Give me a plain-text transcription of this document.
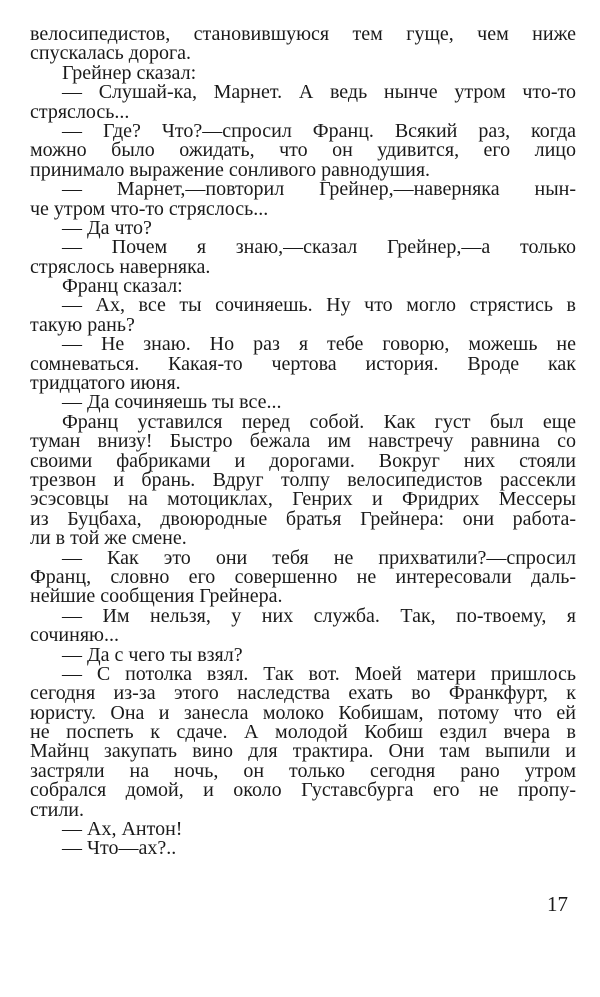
велосипедистов, становившуюся тем гуще, чем ниже
спускалась дорога.
Грейнер сказал:
— Слушай-ка, Марнет. А ведь нынче утром что-то
стряслось...
— Где? Что?—спросил Франц. Всякий раз, когда
можно было ожидать, что он удивится, его лицо
принимало выражение сонливого равнодушия.
— Марнет,—повторил Грейнер,—наверняка нын-
че утром что-то стряслось...
— Да что?
— Почем я знаю,—сказал Грейнер,—а только
стряслось наверняка.
Франц сказал:
— Ах, все ты сочиняешь. Ну что могло стрястись в
такую рань?
— Не знаю. Но раз я тебе говорю, можешь не
сомневаться. Какая-то чертова история. Вроде как
тридцатого июня.
— Да сочиняешь ты все...
Франц уставился перед собой. Как густ был еще
туман внизу! Быстро бежала им навстречу равнина со
своими фабриками и дорогами. Вокруг них стояли
трезвон и брань. Вдруг толпу велосипедистов рассекли
эсэсовцы на мотоциклах, Генрих и Фридрих Мессеры
из Буцбаха, двоюродные братья Грейнера: они работа-
ли в той же смене.
— Как это они тебя не прихватили?—спросил
Франц, словно его совершенно не интересовали даль-
нейшие сообщения Грейнера.
— Им нельзя, у них служба. Так, по-твоему, я
сочиняю...
— Да с чего ты взял?
— С потолка взял. Так вот. Моей матери пришлось
сегодня из-за этого наследства ехать во Франкфурт, к
юристу. Она и занесла молоко Кобишам, потому что ей
не поспеть к сдаче. А молодой Кобиш ездил вчера в
Майнц закупать вино для трактира. Они там выпили и
застряли на ночь, он только сегодня рано утром
собрался домой, и около Густавсбурга его не пропу-
стили.
— Ах, Антон!
— Что—ах?..
17
